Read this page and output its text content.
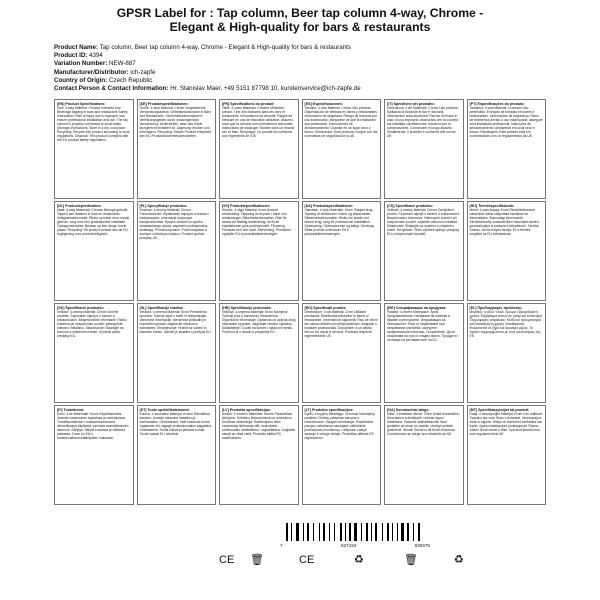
GPSR Label for : Tap column, Beer tap column 4-way, Chrome -
Elegant & High-quality for bars & restaurants
Product Name: Tap column, Beer tap column 4-way, Chrome - Elegant & High-quality for bars & restaurants
Product ID: 4394
Variation Number: NEW-887
Manufacturer/Distributor: ich-zapfe
Country of Origin: Czech Republic
Contact Person & Contact Information: Hr. Stanislav Maer, +49 5151 87798 10, kundenservice@ich-zapfe.de
[EN] Product Specifications:
Size: 4-way Material: Chrome Intended Use: Beverage tapping in bars and restaurants Safety Information: Risk of injury due to improper use; ensure professional installation and use. The tap column is properly connected to avoid leaks. (Storage Instructions: Store in a dry, cool place. Recycling: Recycle this product according to local regulations. Disposal: This product complies with the EU product safety regulations.
[DE] Produktspezifikationen:
Größe: 4-fach Material: Chrom Vorgesehener Verwendungszweck: Getränkeausschank in Bars und Restaurants. Sicherheitsinformationen: Verletzungsgefahr durch unsachgemäße Verwendung; sicherstellen, dass das Gerät fachgerecht installiert ist. Lagerung: trocken und kühl lagern. Recycling: Dieses Produkt entspricht den EU-Produktsicherheitsvorschriften.
[FR] Spécifications du produit:
Taille: 4 voies Matériau: Chrome Utilisation prévue: Tirer des boissons dans les bars et restaurants. Informations de sécurité: Risque de blessure en cas de mauvaise utilisation; assurez-vous que la colonne est correctement raccordée. Instructions de stockage: Stocker dans un endroit sec et frais. Recyclage: Ce produit est conforme aux règlements de l'UE.
[ES] Especificaciones:
Tamaño: 4 vías Material: Cromo Uso previsto: Dispensación de bebidas en bares y restaurantes. Información de seguridad: Riesgo de lesiones por uso inadecuado; asegúrese de que la instalación sea profesional. Instrucciones de almacenamiento: Guardar en un lugar seco y fresco. Eliminación: Este producto cumple con las normativas de seguridad de la UE.
[IT] Specifiche del prodotto:
Dimensioni: 4 vie Materiale: Cromo Uso previsto: Spillatura di bevande in bar e ristoranti. Informazioni sulla sicurezza: Rischio di lesioni in caso di uso improprio; assicurarsi che la colonna sia installata correttamente. Istruzioni per la conservazione: Conservare in luogo asciutto. Smaltimento: Il prodotto è conforme alle norme UE.
[PT] Especificações do produto:
Tamanho: 4 vias Material: Cromado Uso pretendido: Extração de bebidas em bares e restaurantes. Informações de segurança: Risco de ferimentos devido a uso inadequado; assegure uma instalação profissional. Instruções de armazenamento: Armazenar em local seco e fresco. Reciclagem: Este produto está em conformidade com os regulamentos da UE.
[NL] Productspecificaties:
Maat: 4-weg Materiaal: Chroom Beoogd gebruik: Tappen van dranken in bars en restaurants. Veiligheidsinformatie: Risico op letsel door onjuist gebruik; zorg voor een professionele installatie. Opslag instructies: Bewaar op een droge, koele plaats. Recycling: Dit product voldoet aan de EU-regelgeving voor productveiligheid.
[PL] Specyfikacje produktu:
Rozmiar: 4-drożny Materiał: Chrom Przeznaczenie: Wydawanie napojów w barach i restauracjach. Informacje dotyczące bezpieczeństwa: Ryzyko obrażeń w wyniku niewłaściwego użycia; zapewnić profesjonalną instalację. Przechowywanie: Przechowywać w suchym i chłodnym miejscu. Produkt spełnia przepisy UE.
[SV] Produktspecifikationer:
Storlek: 4-vägs Material: Krom Avsedd användning: Tappning av drycker i barer och restauranger. Säkerhetsinformation: Risk för skada vid felaktig användning; se till att installationen görs professionellt. Förvaring: Förvaras torrt och svalt. Återvinning: Produkten uppfyller EU:s produktsäkerhetsregler.
[DA] Produktspecifikationer:
Størrelse: 4-vejs Materiale: Krom Tilsigtet brug: Tapning af drikkevarer i barer og restauranter. Sikkerhedsinformation: Risiko for skade ved forkert brug; sørg for professionel installation. Opbevaring: Opbevares tørt og køligt. Genbrug: Dette produkt overholder EU's produktsikkerhedsregler.
[CS] Specifikace produktu:
Velikost: 4-cestný Materiál: Chrom Zamýšlené použití: Čepování nápojů v barech a restauracích. Bezpečnostní informace: Nebezpečí zranění při nesprávném použití; zajistěte odbornou instalaci. Skladování: Skladujte na suchém a chladném místě. Recyklace: Tento výrobek splňuje předpisy EU o bezpečnosti výrobků.
[HU] Termékspecifikációk:
Méret: 4 utas Anyag: Króm Rendeltetésszerű használat: Italok csapolása bárokban és éttermekben. Biztonsági információk: Sérülésveszély szakszerűtlen használat esetén; gondoskodjon a szakszerű telepítésről. Tárolás: Száraz, hűvös helyen tárolja. Ez a termék megfelel az EU előírásainak.
[SK] Špecifikácie produktu:
Veľkosť: 4-cestný Materiál: Chróm Určené použitie: Čapovanie nápojov v baroch a reštauráciách. Bezpečnostné informácie: Riziko zranenia pri nesprávnom použití; zabezpečte odbornú inštaláciu. Skladovanie: Skladujte na suchom a chladnom mieste. Výrobok spĺňa predpisy EÚ.
[SL] Specifikacije izdelka:
Velikost: 4-smerna Material: Krom Predvidena uporaba: Točenje pijač v barih in restavracijah. Varnostne informacije: Nevarnost poškodb pri nepravilni uporabi; zagotovite strokovno namestitev. Shranjevanje: Hraniti na suhem in hladnem mestu. Izdelek je skladen s predpisi EU.
[HR] Specifikacije proizvoda:
Veličina: 4-smjerna Materijal: Krom Namjena: Točenje pića u barovima i restoranima. Sigurnosne informacije: Opasnost od ozljeda zbog nepravilne uporabe; osigurajte stručnu ugradnju. Skladištenje: Čuvati na suhom i hladnom mjestu. Proizvod je u skladu s propisima EU.
[RO] Specificații produs:
Dimensiune: 4 căi Material: Crom Utilizare prevăzută: Distribuirea băuturilor în baruri și restaurante. Informații de siguranță: Risc de rănire din cauza utilizării necorespunzătoare; asigurați o instalare profesională. Depozitare: A se păstra într-un loc uscat și răcoros. Produsul respectă reglementările UE.
[BG] Спецификации на продукта:
Размер: 4-пътен Материал: Хром Предназначение: Наливане на напитки в барове и ресторанти. Информация за безопасност: Риск от нараняване при неправилна употреба; осигурете професионален монтаж. Съхранение: Да се съхранява на сухо и хладно място. Продуктът отговаря на регламентите на ЕС.
[EL] Προδιαγραφές προϊόντος:
Μέγεθος: 4 οδών Υλικό: Χρώμιο Προοριζόμενη χρήση: Σερβίρισμα ποτών σε μπαρ και εστιατόρια. Πληροφορίες ασφαλείας: Κίνδυνος τραυματισμού από ακατάλληλη χρήση. Αποθήκευση: Φυλάσσεται σε ξηρό και δροσερό μέρος. Το προϊόν συμμορφώνεται με τους κανονισμούς της ΕΕ.
[FI] Tuotetiedot:
Koko: 4-tie Materiaali: Kromi Käyttötarkoitus: Juomien laskeminen baareissa ja ravintoloissa. Turvallisuustiedot: Loukkaantumisvaara virheellisessä käytössä; varmista ammattimainen asennus. Säilytys: Säilytä kuivassa ja viileässä paikassa. Tuote on EU:n tuoteturvallisuusmääräysten mukainen.
[ET] Toote spetsifikatsioonid:
Suurus: 4-suunaline Materjal: Kroom Ettenähtud kasutus: Jookide valamine baarides ja restoranides. Ohutusteave: Vale kasutuse korral vigastuste oht; tagage professionaalne paigaldus. Hoiustamine: Hoida kuivas ja jahedas kohas. Toode vastab ELi nõuetele.
[LV] Produkta specifikācijas:
Izmērs: 4 virzienu Materiāls: Hroms Paredzētais lietojums: Dzērienu liešana bāros un restorānos. Drošības informācija: Savainojumu risks nepareizas lietošanas dēļ; nodrošiniet profesionālu uzstādīšanu. Uzglabāšana: Uzglabāt sausā un vēsā vietā. Produkts atbilst ES noteikumiem.
[LT] Produkto specifikacijos:
Dydis: 4 krypčių Medžiaga: Chromas Numatytoji paskirtis: Gėrimų pilstymas baruose ir restoranuose. Saugos informacija: Susižeidimo pavojus netinkamai naudojant; užtikrinkite profesionalų montavimą. Laikymas: Laikyti sausoje ir vėsioje vietoje. Produktas atitinka ES reglamentus.
[GA] Sonraíochtaí táirge:
Méid: 4-bhealach Ábhar: Cróm Úsáid bheartaithe: Deochanna a dháileadh i mbeáir agus i mbialanna. Faisnéis sábháilteachta: Baol gortaithe de bharr mí-úsáide; cinntigh suiteáil ghairmiúil. Stóráil: Stóráil in áit thirim fhionnuar. Comhlíonann an táirge seo rialacháin an AE.
[MT] Speċifikazzjonijiet tal-prodott:
Daqs: 4 direzzjonijiet Materjal: Krom Użu maħsub: Tqassim tax-xorb f'bars u ristoranti. Informazzjoni dwar is-sigurtà: Riskju ta' korriment minħabba użu ħażin; żgura installazzjoni professjonali. Ħażna: Aħżen f'post niexef u frisk. Il-prodott jikkonforma mar-regolamenti tal-UE.
7	627434	930678
CE 🗑	CE	♻	🗑	♻
